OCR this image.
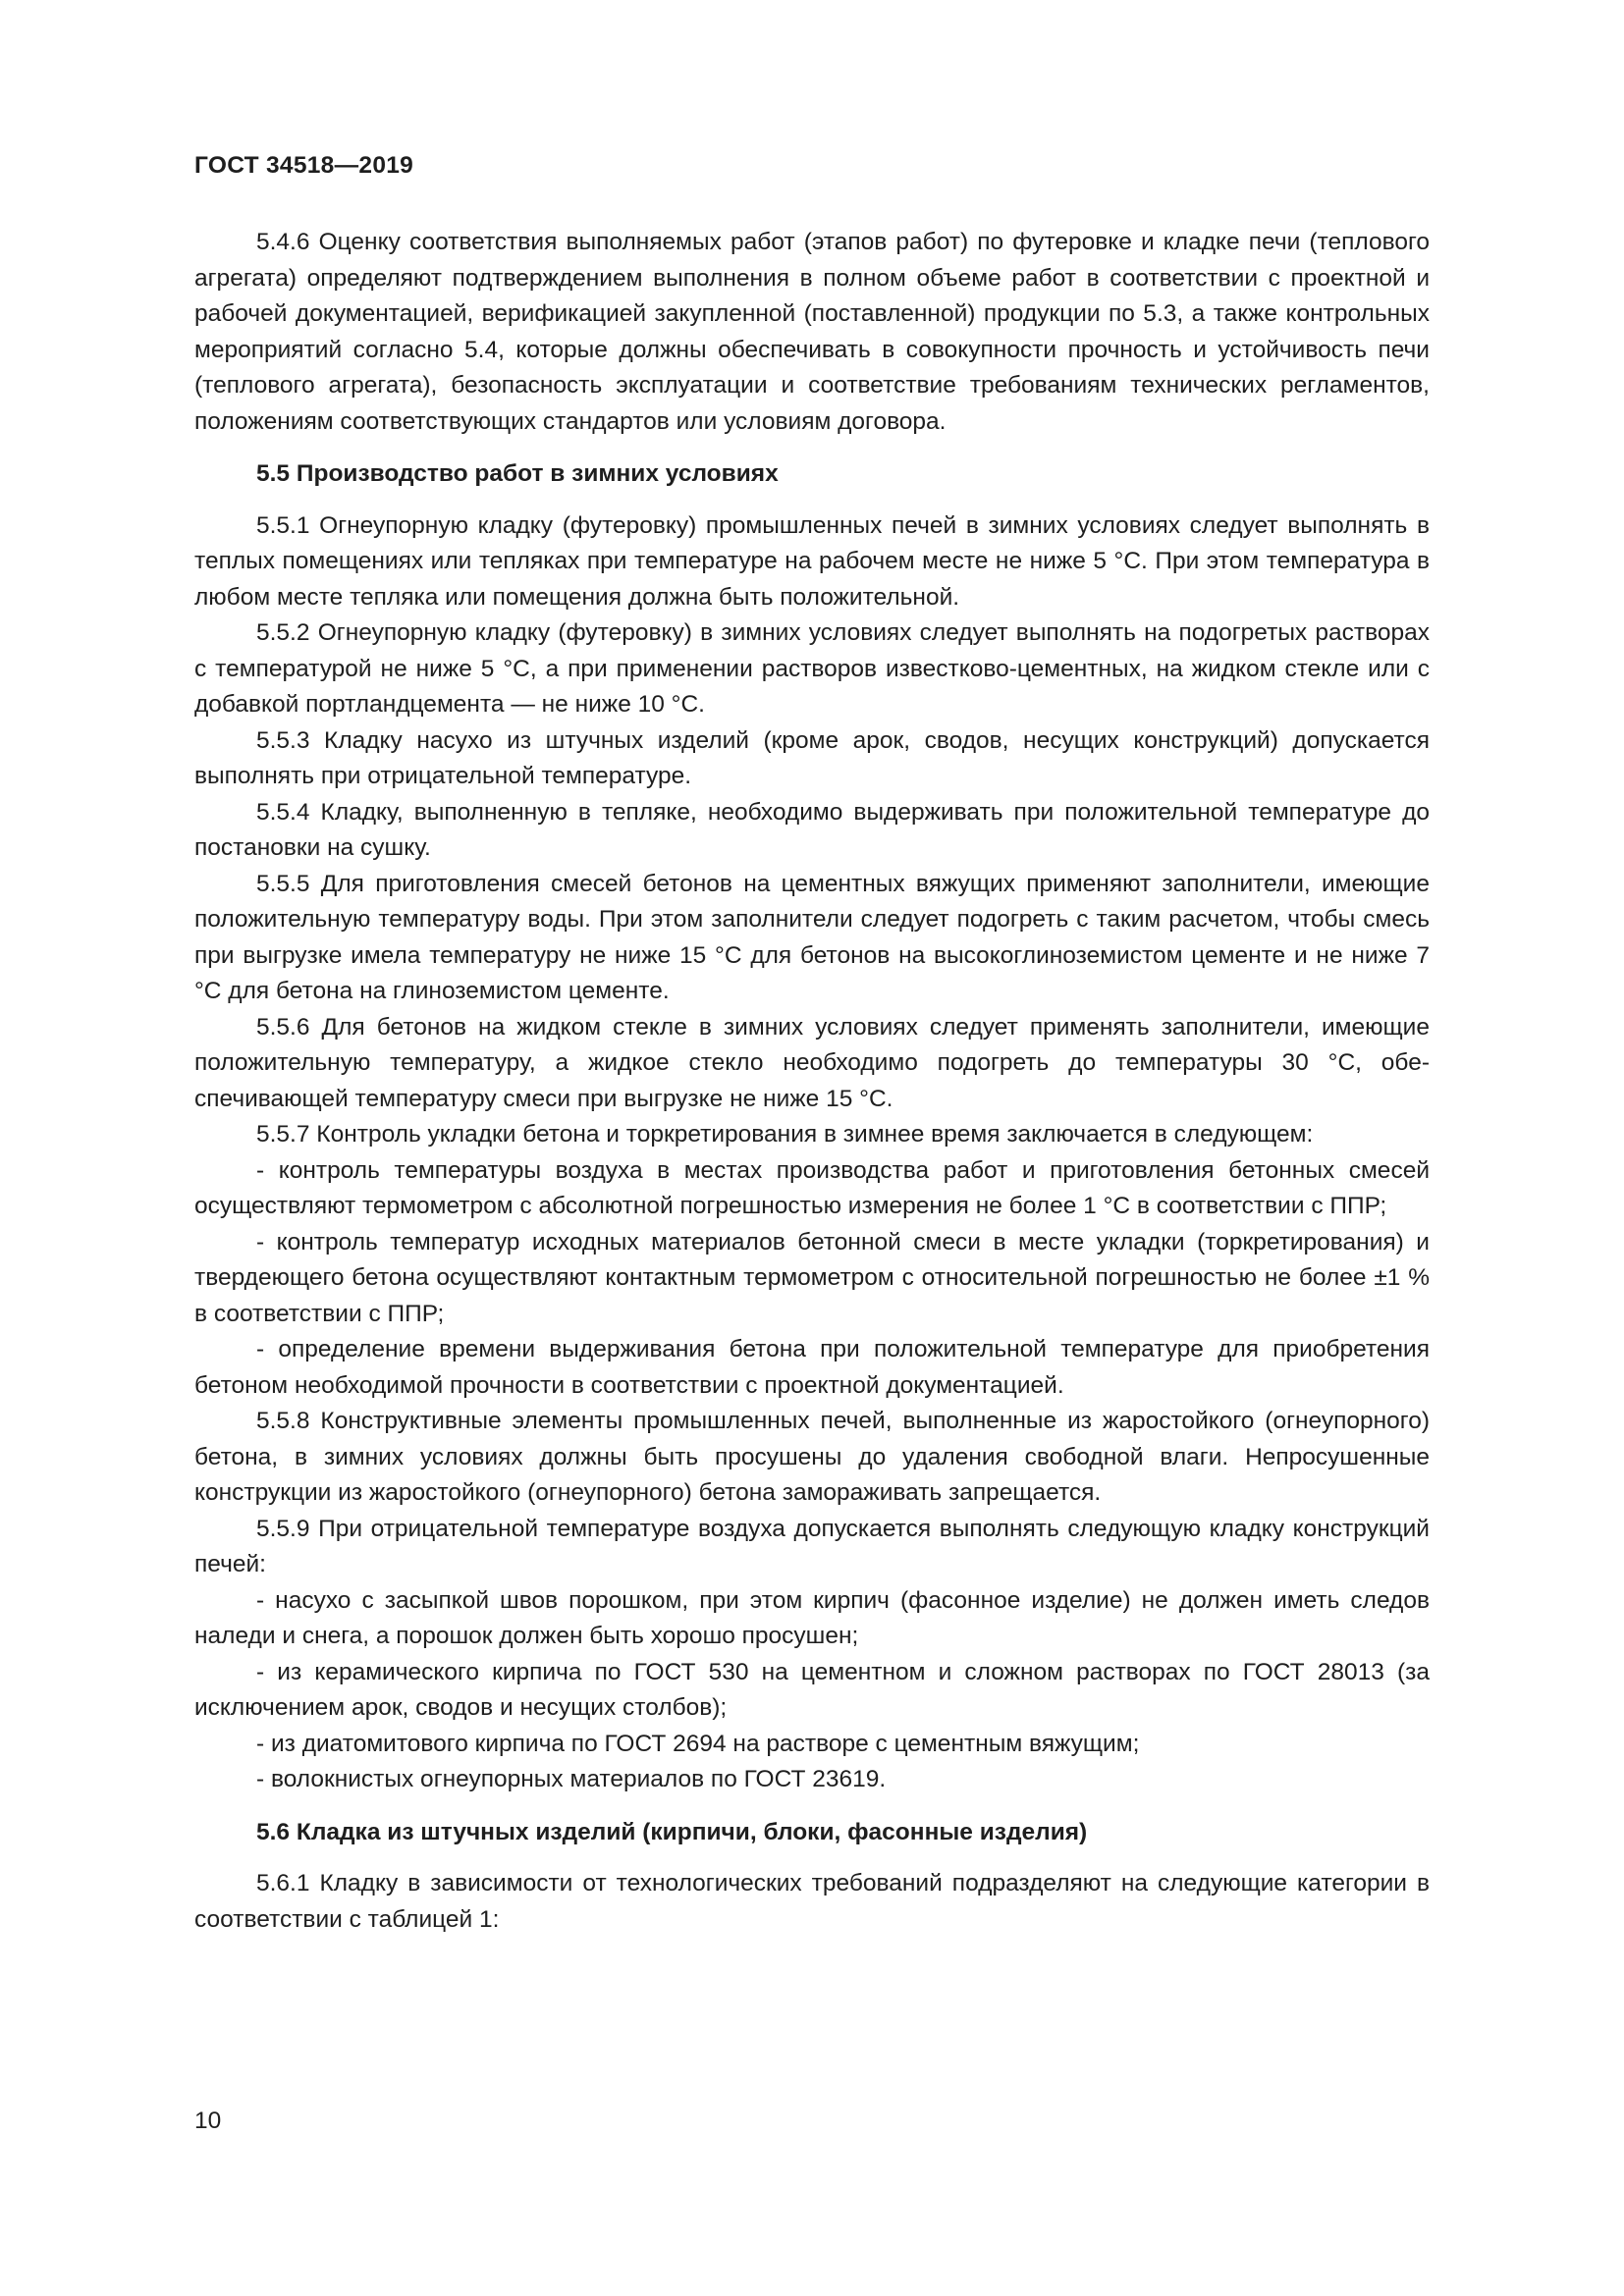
ГОСТ 34518—2019

5.4.6 Оценку соответствия выполняемых работ (этапов работ) по футеровке и кладке печи (теплового агрегата) определяют подтверждением выполнения в полном объеме работ в соответствии с проектной и рабочей документацией, верификацией закупленной (поставленной) продукции по 5.3, а также контрольных мероприятий согласно 5.4, которые должны обеспечивать в совокупности прочность и устойчивость печи (теплового агрегата), безопасность эксплуатации и соответствие требованиям технических регламентов, положениям соответствующих стандартов или условиям договора.

5.5 Производство работ в зимних условиях

5.5.1 Огнеупорную кладку (футеровку) промышленных печей в зимних условиях следует выполнять в теплых помещениях или тепляках при температуре на рабочем месте не ниже 5 °С. При этом температура в любом месте тепляка или помещения должна быть положительной.

5.5.2 Огнеупорную кладку (футеровку) в зимних условиях следует выполнять на подогретых растворах с температурой не ниже 5 °С, а при применении растворов известково-цементных, на жидком стекле или с добавкой портландцемента — не ниже 10 °С.

5.5.3 Кладку насухо из штучных изделий (кроме арок, сводов, несущих конструкций) допускается выполнять при отрицательной температуре.

5.5.4 Кладку, выполненную в тепляке, необходимо выдерживать при положительной температуре до постановки на сушку.

5.5.5 Для приготовления смесей бетонов на цементных вяжущих применяют заполнители, имеющие положительную температуру воды. При этом заполнители следует подогреть с таким расчетом, чтобы смесь при выгрузке имела температуру не ниже 15 °С для бетонов на высокоглиноземистом цементе и не ниже 7 °С для бетона на глиноземистом цементе.

5.5.6 Для бетонов на жидком стекле в зимних условиях следует применять заполнители, имеющие положительную температуру, а жидкое стекло необходимо подогреть до температуры 30 °С, обеспечивающей температуру смеси при выгрузке не ниже 15 °С.

5.5.7 Контроль укладки бетона и торкретирования в зимнее время заключается в следующем:

- контроль температуры воздуха в местах производства работ и приготовления бетонных смесей осуществляют термометром с абсолютной погрешностью измерения не более 1 °С в соответствии с ППР;

- контроль температур исходных материалов бетонной смеси в месте укладки (торкретирования) и твердеющего бетона осуществляют контактным термометром с относительной погрешностью не более ±1 % в соответствии с ППР;

- определение времени выдерживания бетона при положительной температуре для приобретения бетоном необходимой прочности в соответствии с проектной документацией.

5.5.8 Конструктивные элементы промышленных печей, выполненные из жаростойкого (огнеупорного) бетона, в зимних условиях должны быть просушены до удаления свободной влаги. Непросушенные конструкции из жаростойкого (огнеупорного) бетона замораживать запрещается.

5.5.9 При отрицательной температуре воздуха допускается выполнять следующую кладку конструкций печей:

- насухо с засыпкой швов порошком, при этом кирпич (фасонное изделие) не должен иметь следов наледи и снега, а порошок должен быть хорошо просушен;

- из керамического кирпича по ГОСТ 530 на цементном и сложном растворах по ГОСТ 28013 (за исключением арок, сводов и несущих столбов);

- из диатомитового кирпича по ГОСТ 2694 на растворе с цементным вяжущим;

- волокнистых огнеупорных материалов по ГОСТ 23619.

5.6 Кладка из штучных изделий (кирпичи, блоки, фасонные изделия)

5.6.1 Кладку в зависимости от технологических требований подразделяют на следующие категории в соответствии с таблицей 1:

10
